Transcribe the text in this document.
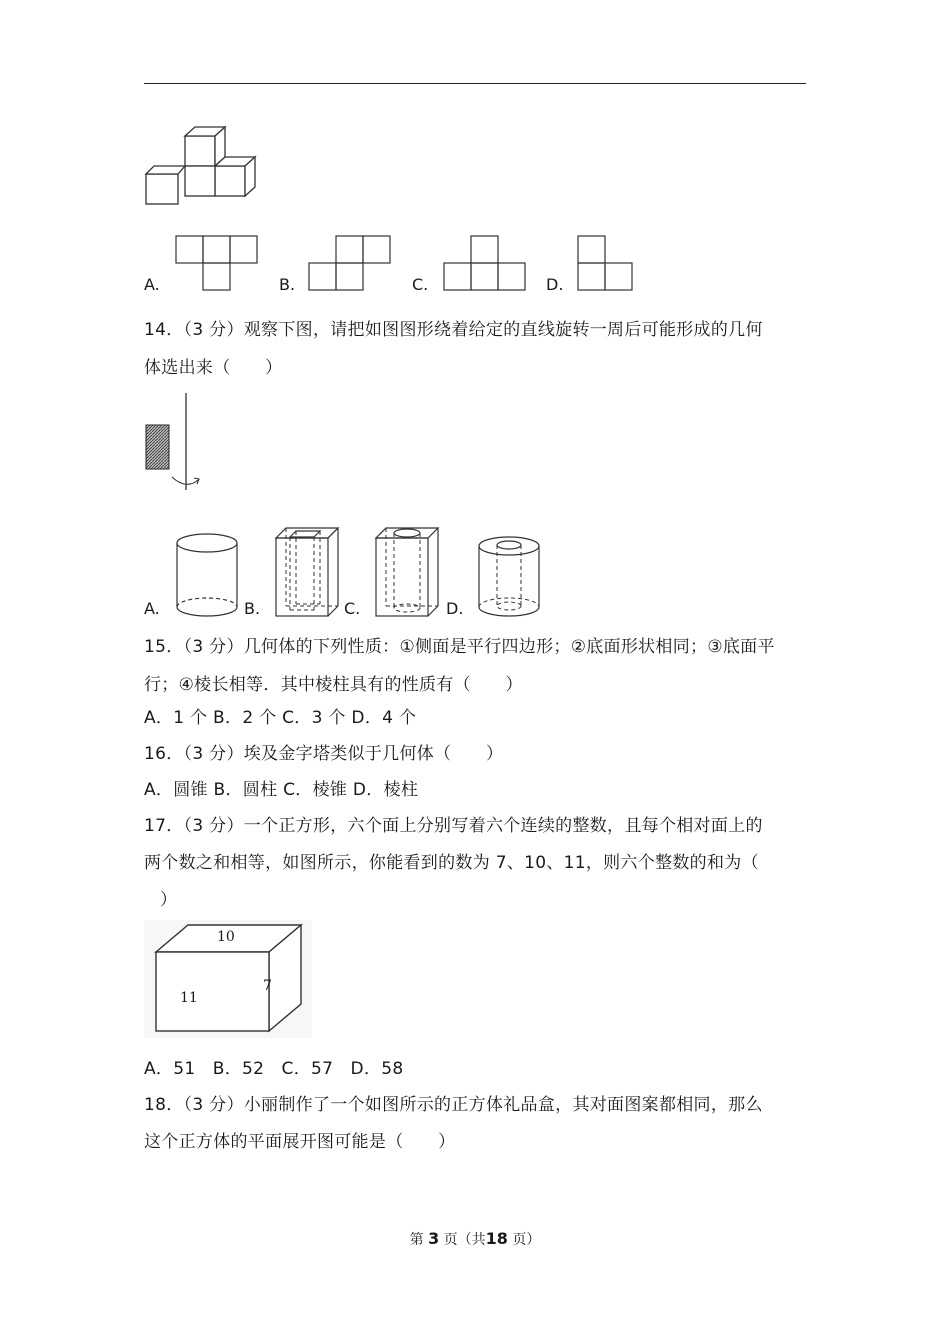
A.	B.	C.	D.
14．（3 分）观察下图，请把如图图形绕着给定的直线旋转一周后可能形成的几何
体选出来（　　）
A.	B.	C.	D.
15．（3 分）几何体的下列性质：①侧面是平行四边形；②底面形状相同；③底面平
行；④棱长相等．其中棱柱具有的性质有（　　）
A．1 个 B．2 个 C．3 个 D．4 个
16．（3 分）埃及金字塔类似于几何体（　　）
A．圆锥 B．圆柱 C．棱锥 D．棱柱
17．（3 分）一个正方形，六个面上分别写着六个连续的整数，且每个相对面上的
两个数之和相等，如图所示，你能看到的数为 7、10、11，则六个整数的和为（
）
10
11
7
A．51　B．52　C．57　D．58
18．（3 分）小丽制作了一个如图所示的正方体礼品盒，其对面图案都相同，那么
这个正方体的平面展开图可能是（　　）
第 3 页（共18 页）
